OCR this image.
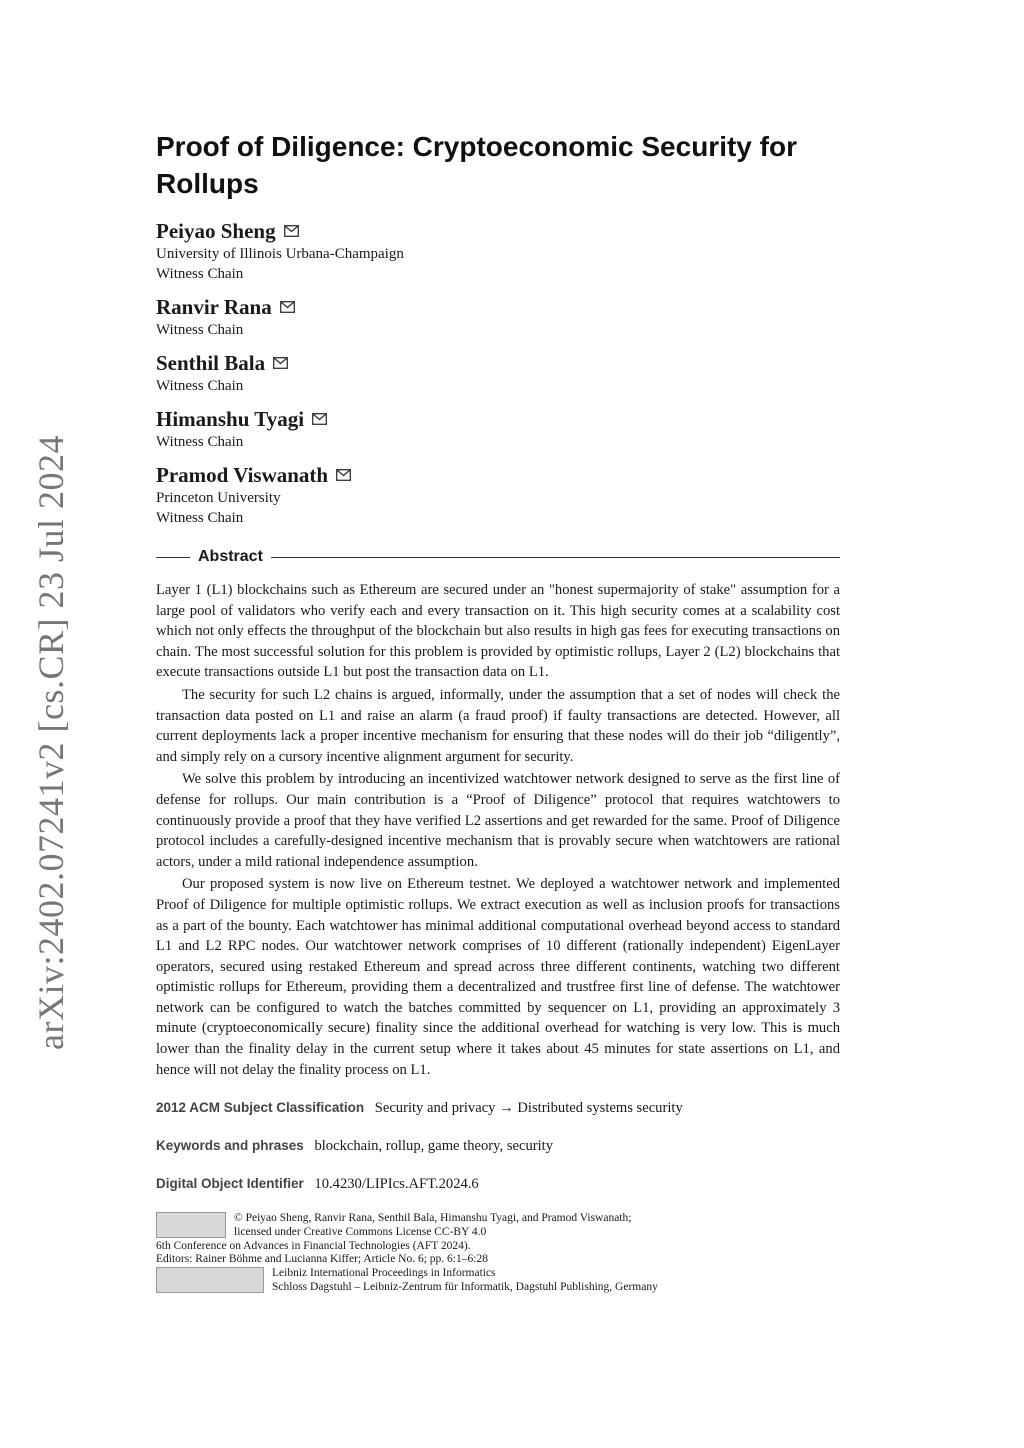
arXiv:2402.07241v2 [cs.CR] 23 Jul 2024
Proof of Diligence: Cryptoeconomic Security for Rollups
Peiyao Sheng
University of Illinois Urbana-Champaign
Witness Chain
Ranvir Rana
Witness Chain
Senthil Bala
Witness Chain
Himanshu Tyagi
Witness Chain
Pramod Viswanath
Princeton University
Witness Chain
Abstract

Layer 1 (L1) blockchains such as Ethereum are secured under an "honest supermajority of stake" assumption for a large pool of validators who verify each and every transaction on it. This high security comes at a scalability cost which not only effects the throughput of the blockchain but also results in high gas fees for executing transactions on chain. The most successful solution for this problem is provided by optimistic rollups, Layer 2 (L2) blockchains that execute transactions outside L1 but post the transaction data on L1.

The security for such L2 chains is argued, informally, under the assumption that a set of nodes will check the transaction data posted on L1 and raise an alarm (a fraud proof) if faulty transactions are detected. However, all current deployments lack a proper incentive mechanism for ensuring that these nodes will do their job “diligently”, and simply rely on a cursory incentive alignment argument for security.

We solve this problem by introducing an incentivized watchtower network designed to serve as the first line of defense for rollups. Our main contribution is a “Proof of Diligence” protocol that requires watchtowers to continuously provide a proof that they have verified L2 assertions and get rewarded for the same. Proof of Diligence protocol includes a carefully-designed incentive mechanism that is provably secure when watchtowers are rational actors, under a mild rational independence assumption.

Our proposed system is now live on Ethereum testnet. We deployed a watchtower network and implemented Proof of Diligence for multiple optimistic rollups. We extract execution as well as inclusion proofs for transactions as a part of the bounty. Each watchtower has minimal additional computational overhead beyond access to standard L1 and L2 RPC nodes. Our watchtower network comprises of 10 different (rationally independent) EigenLayer operators, secured using restaked Ethereum and spread across three different continents, watching two different optimistic rollups for Ethereum, providing them a decentralized and trustfree first line of defense. The watchtower network can be configured to watch the batches committed by sequencer on L1, providing an approximately 3 minute (cryptoeconomically secure) finality since the additional overhead for watching is very low. This is much lower than the finality delay in the current setup where it takes about 45 minutes for state assertions on L1, and hence will not delay the finality process on L1.

2012 ACM Subject Classification Security and privacy → Distributed systems security
Keywords and phrases blockchain, rollup, game theory, security
Digital Object Identifier 10.4230/LIPIcs.AFT.2024.6
© Peiyao Sheng, Ranvir Rana, Senthil Bala, Himanshu Tyagi, and Pramod Viswanath;
licensed under Creative Commons License CC-BY 4.0
6th Conference on Advances in Financial Technologies (AFT 2024).
Editors: Rainer Böhme and Lucianna Kiffer; Article No. 6; pp. 6:1–6:28
Leibniz International Proceedings in Informatics
Schloss Dagstuhl – Leibniz-Zentrum für Informatik, Dagstuhl Publishing, Germany
